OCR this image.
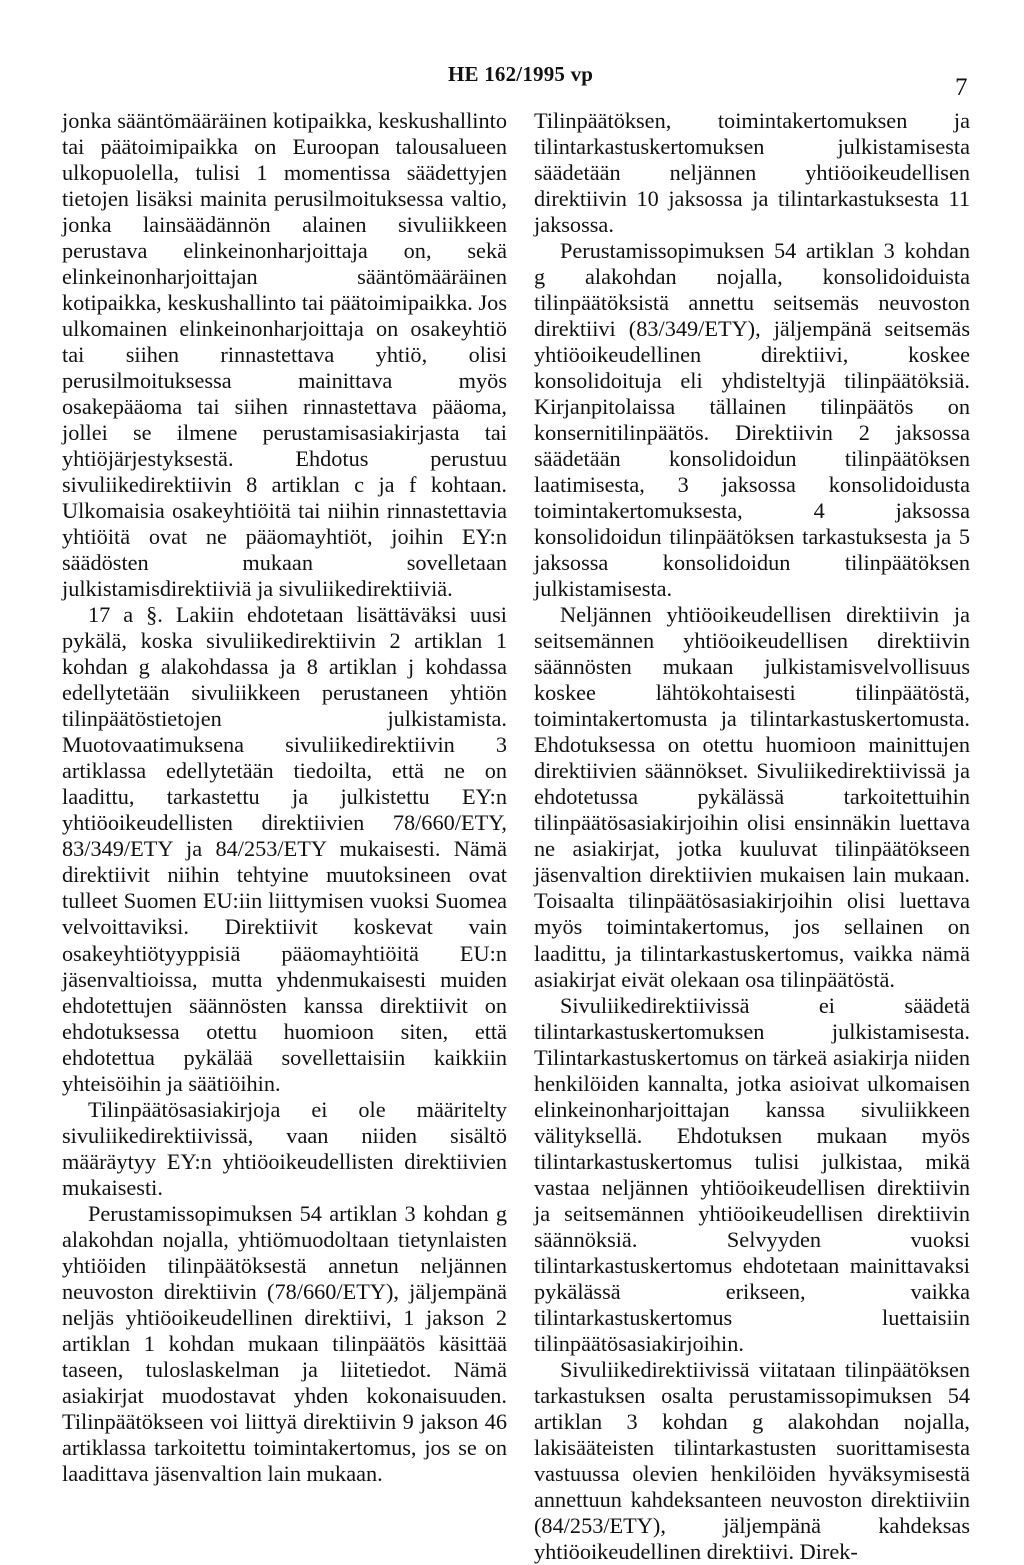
HE 162/1995 vp	7

jonka sääntömääräinen kotipaikka, keskushallinto tai päätoimipaikka on Euroopan talousalueen ulkopuolella, tulisi 1 momentissa säädettyjen tietojen lisäksi mainita perusilmoituksessa valtio, jonka lainsäädännön alainen sivuliikkeen perustava elinkeinonharjoittaja on, sekä elinkeinonharjoittajan sääntömääräinen kotipaikka, keskushallinto tai päätoimipaikka. Jos ulkomainen elinkeinonharjoittaja on osakeyhtiö tai siihen rinnastettava yhtiö, olisi perusilmoituksessa mainittava myös osakepääoma tai siihen rinnastettava pääoma, jollei se ilmene perustamisasiakirjasta tai yhtiöjärjestyksestä. Ehdotus perustuu sivuliikedirektiivin 8 artiklan c ja f kohtaan. Ulkomaisia osakeyhtiöitä tai niihin rinnastettavia yhtiöitä ovat ne pääomayhtiöt, joihin EY:n säädösten mukaan sovelletaan julkistamisdirektiiviä ja sivuliikedirektiiviä.

17 a §. Lakiin ehdotetaan lisättäväksi uusi pykälä, koska sivuliikedirektiivin 2 artiklan 1 kohdan g alakohdassa ja 8 artiklan j kohdassa edellytetään sivuliikkeen perustaneen yhtiön tilinpäätöstietojen julkistamista. Muotovaatimuksena sivuliikedirektiivin 3 artiklassa edellytetään tiedoilta, että ne on laadittu, tarkastettu ja julkistettu EY:n yhtiöoikeudellisten direktiivien 78/660/ETY, 83/349/ETY ja 84/253/ETY mukaisesti. Nämä direktiivit niihin tehtyine muutoksineen ovat tulleet Suomen EU:iin liittymisen vuoksi Suomea velvoittaviksi. Direktiivit koskevat vain osakeyhtiötyyppisiä pääomayhtiöitä EU:n jäsenvaltioissa, mutta yhdenmukaisesti muiden ehdotettujen säännösten kanssa direktiivit on ehdotuksessa otettu huomioon siten, että ehdotettua pykälää sovellettaisiin kaikkiin yhteisöihin ja säätiöihin.

Tilinpäätösasiakirjoja ei ole määritelty sivuliikedirektiivissä, vaan niiden sisältö määräytyy EY:n yhtiöoikeudellisten direktiivien mukaisesti.

Perustamissopimuksen 54 artiklan 3 kohdan g alakohdan nojalla, yhtiömuodoltaan tietynlaisten yhtiöiden tilinpäätöksestä annetun neljännen neuvoston direktiivin (78/660/ETY), jäljempänä neljäs yhtiöoikeudellinen direktiivi, 1 jakson 2 artiklan 1 kohdan mukaan tilinpäätös käsittää taseen, tuloslaskelman ja liitetiedot. Nämä asiakirjat muodostavat yhden kokonaisuuden. Tilinpäätökseen voi liittyä direktiivin 9 jakson 46 artiklassa tarkoitettu toimintakertomus, jos se on laadittava jäsenvaltion lain mukaan.

Tilinpäätöksen, toimintakertomuksen ja tilintarkastuskertomuksen julkistamisesta säädetään neljännen yhtiöoikeudellisen direktiivin 10 jaksossa ja tilintarkastuksesta 11 jaksossa.

Perustamissopimuksen 54 artiklan 3 kohdan g alakohdan nojalla, konsolidoiduista tilinpäätöksistä annettu seitsemäs neuvoston direktiivi (83/349/ETY), jäljempänä seitsemäs yhtiöoikeudellinen direktiivi, koskee konsolidoituja eli yhdisteltyjä tilinpäätöksiä. Kirjanpitolaissa tällainen tilinpäätös on konsernitilinpäätös. Direktiivin 2 jaksossa säädetään konsolidoidun tilinpäätöksen laatimisesta, 3 jaksossa konsolidoidusta toimintakertomuksesta, 4 jaksossa konsolidoidun tilinpäätöksen tarkastuksesta ja 5 jaksossa konsolidoidun tilinpäätöksen julkistamisesta.

Neljännen yhtiöoikeudellisen direktiivin ja seitsemännen yhtiöoikeudellisen direktiivin säännösten mukaan julkistamisvelvollisuus koskee lähtökohtaisesti tilinpäätöstä, toimintakertomusta ja tilintarkastuskertomusta. Ehdotuksessa on otettu huomioon mainittujen direktiivien säännökset. Sivuliikedirektiivissä ja ehdotetussa pykälässä tarkoitettuihin tilinpäätösasiakirjoihin olisi ensinnäkin luettava ne asiakirjat, jotka kuuluvat tilinpäätökseen jäsenvaltion direktiivien mukaisen lain mukaan. Toisaalta tilinpäätösasiakirjoihin olisi luettava myös toimintakertomus, jos sellainen on laadittu, ja tilintarkastuskertomus, vaikka nämä asiakirjat eivät olekaan osa tilinpäätöstä.

Sivuliikedirektiivissä ei säädetä tilintarkastuskertomuksen julkistamisesta. Tilintarkastuskertomus on tärkeä asiakirja niiden henkilöiden kannalta, jotka asioivat ulkomaisen elinkeinonharjoittajan kanssa sivuliikkeen välityksellä. Ehdotuksen mukaan myös tilintarkastuskertomus tulisi julkistaa, mikä vastaa neljännen yhtiöoikeudellisen direktiivin ja seitsemännen yhtiöoikeudellisen direktiivin säännöksiä. Selvyyden vuoksi tilintarkastuskertomus ehdotetaan mainittavaksi pykälässä erikseen, vaikka tilintarkastuskertomus luettaisiin tilinpäätösasiakirjoihin.

Sivuliikedirektiivissä viitataan tilinpäätöksen tarkastuksen osalta perustamissopimuksen 54 artiklan 3 kohdan g alakohdan nojalla, lakisääteisten tilintarkastusten suorittamisesta vastuussa olevien henkilöiden hyväksymisestä annettuun kahdeksanteen neuvoston direktiiviin (84/253/ETY), jäljempänä kahdeksas yhtiöoikeudellinen direktiivi. Direk-
